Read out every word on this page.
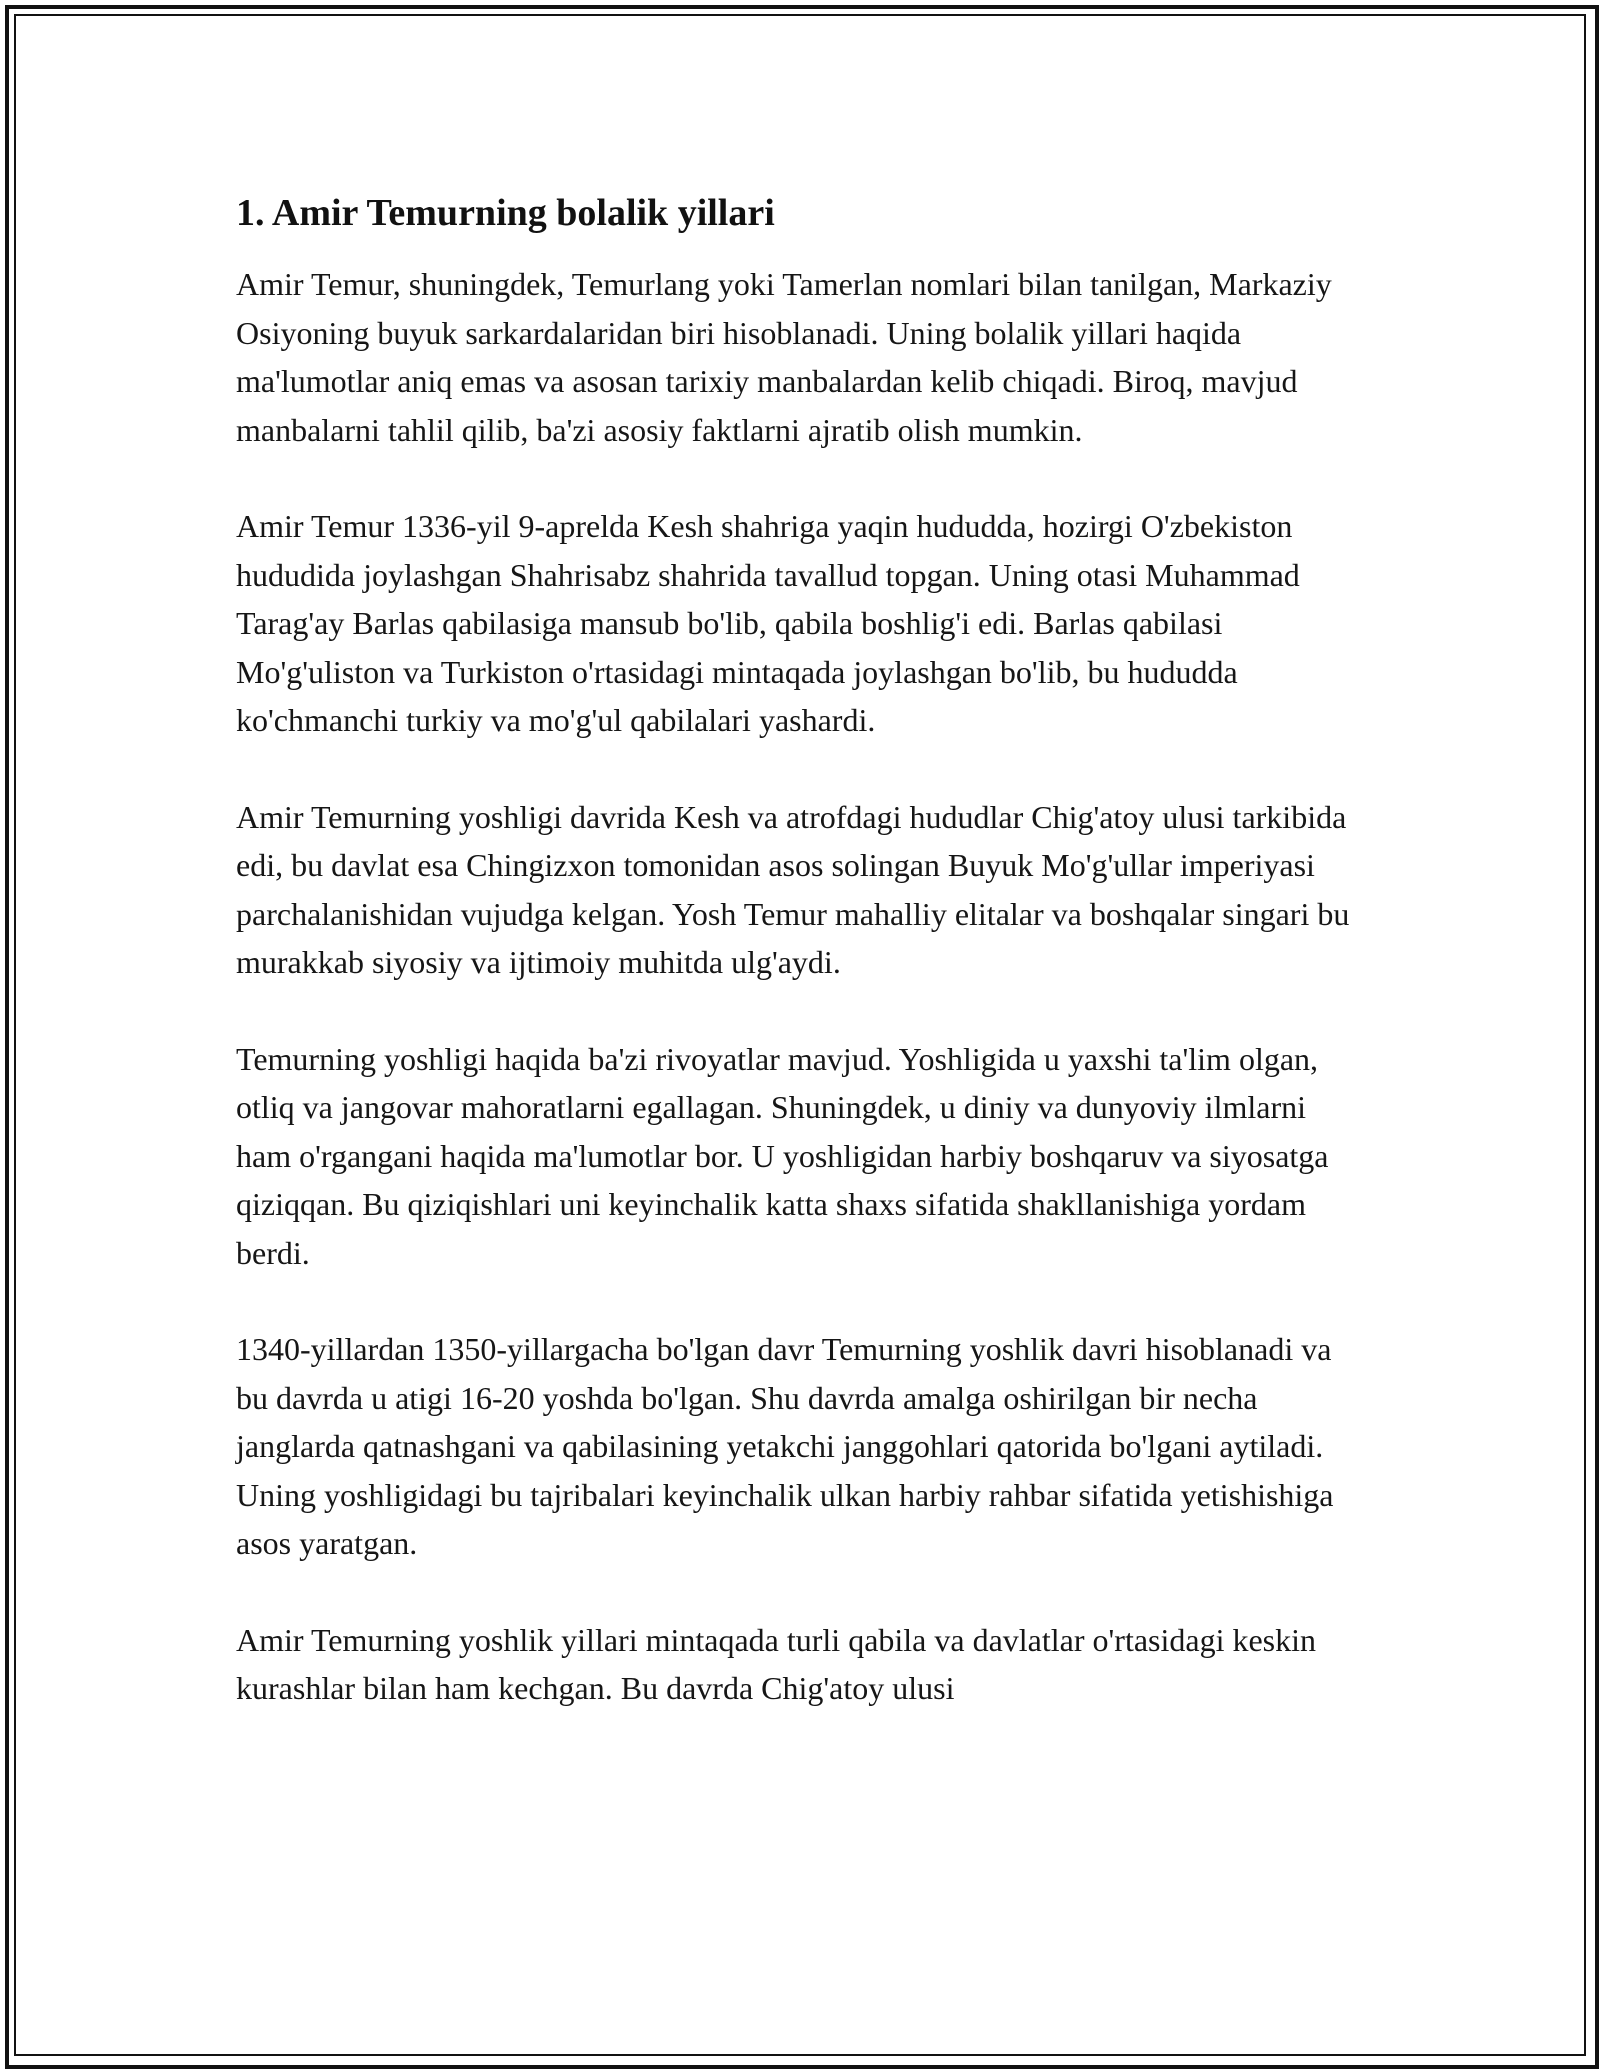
1. Amir Temurning bolalik yillari

Amir Temur, shuningdek, Temurlang yoki Tamerlan nomlari bilan tanilgan, Markaziy Osiyoning buyuk sarkardalaridan biri hisoblanadi. Uning bolalik yillari haqida ma'lumotlar aniq emas va asosan tarixiy manbalardan kelib chiqadi. Biroq, mavjud manbalarni tahlil qilib, ba'zi asosiy faktlarni ajratib olish mumkin.

Amir Temur 1336-yil 9-aprelda Kesh shahriga yaqin hududda, hozirgi O'zbekiston hududida joylashgan Shahrisabz shahrida tavallud topgan. Uning otasi Muhammad Tarag'ay Barlas qabilasiga mansub bo'lib, qabila boshlig'i edi. Barlas qabilasi Mo'g'uliston va Turkiston o'rtasidagi mintaqada joylashgan bo'lib, bu hududda ko'chmanchi turkiy va mo'g'ul qabilalari yashardi.

Amir Temurning yoshligi davrida Kesh va atrofdagi hududlar Chig'atoy ulusi tarkibida edi, bu davlat esa Chingizxon tomonidan asos solingan Buyuk Mo'g'ullar imperiyasi parchalanishidan vujudga kelgan. Yosh Temur mahalliy elitalar va boshqalar singari bu murakkab siyosiy va ijtimoiy muhitda ulg'aydi.

Temurning yoshligi haqida ba'zi rivoyatlar mavjud. Yoshligida u yaxshi ta'lim olgan, otliq va jangovar mahoratlarni egallagan. Shuningdek, u diniy va dunyoviy ilmlarni ham o'rgangani haqida ma'lumotlar bor. U yoshligidan harbiy boshqaruv va siyosatga qiziqqan. Bu qiziqishlari uni keyinchalik katta shaxs sifatida shakllanishiga yordam berdi.

1340-yillardan 1350-yillargacha bo'lgan davr Temurning yoshlik davri hisoblanadi va bu davrda u atigi 16-20 yoshda bo'lgan. Shu davrda amalga oshirilgan bir necha janglarda qatnashgani va qabilasining yetakchi janggohlari qatorida bo'lgani aytiladi. Uning yoshligidagi bu tajribalari keyinchalik ulkan harbiy rahbar sifatida yetishishiga asos yaratgan.

Amir Temurning yoshlik yillari mintaqada turli qabila va davlatlar o'rtasidagi keskin kurashlar bilan ham kechgan. Bu davrda Chig'atoy ulusi
